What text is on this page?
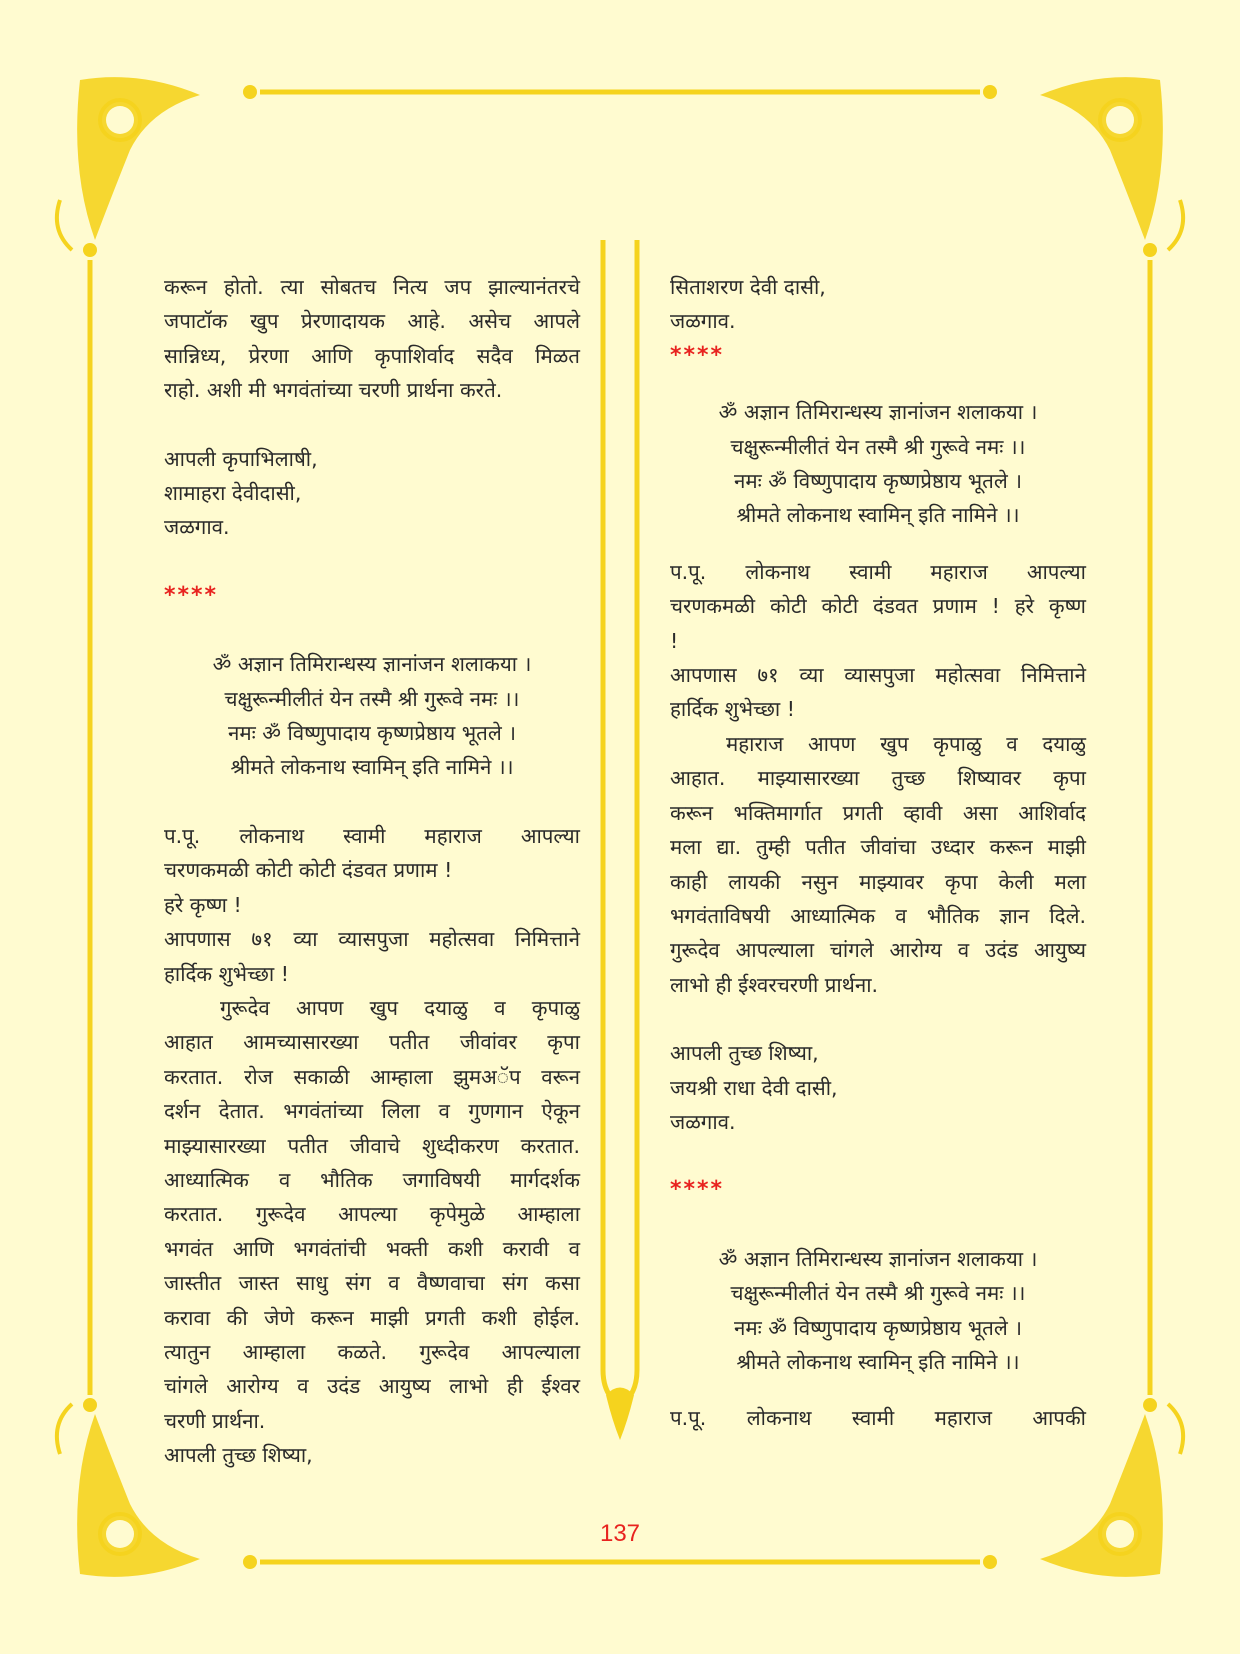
करून होतो. त्या सोबतच नित्य जप झाल्यानंतरचे

जपाटॉक खुप प्रेरणादायक आहे. असेच आपले

सान्निध्य, प्रेरणा आणि कृपाशिर्वाद सदैव मिळत

राहो. अशी मी भगवंतांच्या चरणी प्रार्थना करते.

आपली कृपाभिलाषी,

शामाहरा देवीदासी,

जळगाव.

****

ॐ अज्ञान तिमिरान्धस्य ज्ञानांजन शलाकया ।

चक्षुरून्मीलीतं येन तस्मै श्री गुरूवे नमः ।।

नमः ॐ विष्णुपादाय कृष्णप्रेष्ठाय भूतले ।

श्रीमते लोकनाथ स्वामिन् इति नामिने ।।

प.पू. लोकनाथ स्वामी महाराज आपल्या

चरणकमळी कोटी कोटी दंडवत प्रणाम !

हरे कृष्ण !

आपणास ७१ व्या व्यासपुजा महोत्सवा निमित्ताने

हार्दिक शुभेच्छा !

गुरूदेव आपण खुप दयाळु व कृपाळु

आहात आमच्यासारख्या पतीत जीवांवर कृपा

करतात. रोज सकाळी आम्हाला झुमअॅप वरून

दर्शन देतात. भगवंतांच्या लिला व गुणगान ऐकून

माझ्यासारख्या पतीत जीवाचे शुध्दीकरण करतात.

आध्यात्मिक व भौतिक जगाविषयी मार्गदर्शक

करतात. गुरूदेव आपल्या कृपेमुळे आम्हाला

भगवंत आणि भगवंतांची भक्ती कशी करावी व

जास्तीत जास्त साधु संग व वैष्णवाचा संग कसा

करावा की जेणे करून माझी प्रगती कशी होईल.

त्यातुन आम्हाला कळते. गुरूदेव आपल्याला

चांगले आरोग्य व उदंड आयुष्य लाभो ही ईश्वर

चरणी प्रार्थना.

आपली तुच्छ शिष्या,

सिताशरण देवी दासी,

जळगाव.

****

ॐ अज्ञान तिमिरान्धस्य ज्ञानांजन शलाकया ।

चक्षुरून्मीलीतं येन तस्मै श्री गुरूवे नमः ।।

नमः ॐ विष्णुपादाय कृष्णप्रेष्ठाय भूतले ।

श्रीमते लोकनाथ स्वामिन् इति नामिने ।।

प.पू. लोकनाथ स्वामी महाराज आपल्या

चरणकमळी कोटी कोटी दंडवत प्रणाम ! हरे कृष्ण

!

आपणास ७१ व्या व्यासपुजा महोत्सवा निमित्ताने

हार्दिक शुभेच्छा !

महाराज आपण खुप कृपाळु व दयाळु

आहात. माझ्यासारख्या तुच्छ शिष्यावर कृपा

करून भक्तिमार्गात प्रगती व्हावी असा आशिर्वाद

मला द्या. तुम्ही पतीत जीवांचा उध्दार करून माझी

काही लायकी नसुन माझ्यावर कृपा केली मला

भगवंताविषयी आध्यात्मिक व भौतिक ज्ञान दिले.

गुरूदेव आपल्याला चांगले आरोग्य व उदंड आयुष्य

लाभो ही ईश्वरचरणी प्रार्थना.

आपली तुच्छ शिष्या,

जयश्री राधा देवी दासी,

जळगाव.

****

ॐ अज्ञान तिमिरान्धस्य ज्ञानांजन शलाकया ।

चक्षुरून्मीलीतं येन तस्मै श्री गुरूवे नमः ।।

नमः ॐ विष्णुपादाय कृष्णप्रेष्ठाय भूतले ।

श्रीमते लोकनाथ स्वामिन् इति नामिने ।।

प.पू. लोकनाथ स्वामी महाराज आपकी

137
